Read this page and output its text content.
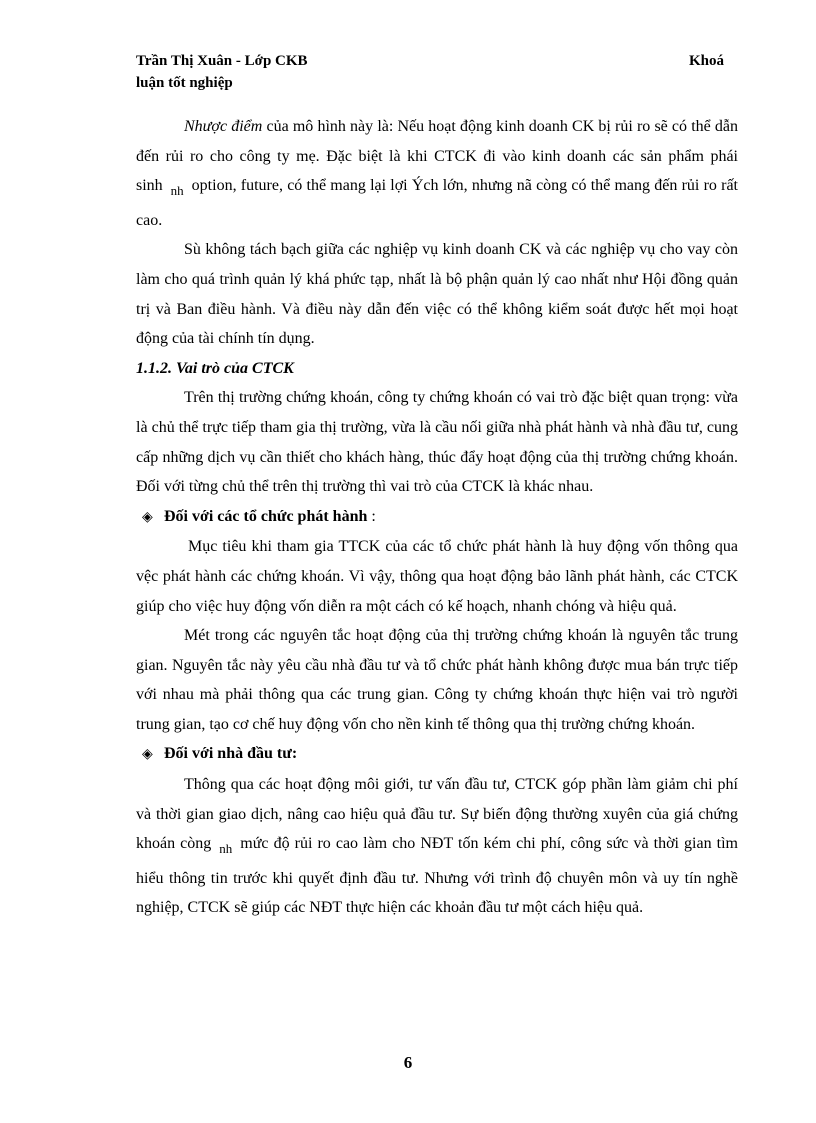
Trần Thị Xuân - Lớp CKB
luận tốt nghiệp
Khoá

Nhược điểm của mô hình này là: Nếu hoạt động kinh doanh CK bị rủi ro sẽ có thể dẫn đến rủi ro cho công ty mẹ. Đặc biệt là khi CTCK đi vào kinh doanh các sản phẩm phái sinh $_{nh}$ option, future, có thể mang lại lợi Ých lớn, nhưng nã còng có thể mang đến rủi ro rất cao.

Sù không tách bạch giữa các nghiệp vụ kinh doanh CK và các nghiệp vụ cho vay còn làm cho quá trình quản lý khá phức tạp, nhất là bộ phận quản lý cao nhất như Hội đồng quản trị và Ban điều hành. Và điều này dẫn đến việc có thể không kiểm soát được hết mọi hoạt động của tài chính tín dụng.

1.1.2. Vai trò của CTCK

Trên thị trường chứng khoán, công ty chứng khoán có vai trò đặc biệt quan trọng: vừa là chủ thể trực tiếp tham gia thị trường, vừa là cầu nối giữa nhà phát hành và nhà đầu tư, cung cấp những dịch vụ cần thiết cho khách hàng, thúc đẩy hoạt động của thị trường chứng khoán. Đối với từng chủ thể trên thị trường thì vai trò của CTCK là khác nhau.

◈ Đối với các tổ chức phát hành :

Mục tiêu khi tham gia TTCK của các tổ chức phát hành là huy động vốn thông qua vệc phát hành các chứng khoán. Vì vậy, thông qua hoạt động bảo lãnh phát hành, các CTCK giúp cho việc huy động vốn diễn ra một cách có kế hoạch, nhanh chóng và hiệu quả.

Mét trong các nguyên tắc hoạt động của thị trường chứng khoán là nguyên tắc trung gian. Nguyên tắc này yêu cầu nhà đầu tư và tổ chức phát hành không được mua bán trực tiếp với nhau mà phải thông qua các trung gian. Công ty chứng khoán thực hiện vai trò người trung gian, tạo cơ chế huy động vốn cho nền kinh tế thông qua thị trường chứng khoán.

◈ Đối với nhà đầu tư:

Thông qua các hoạt động môi giới, tư vấn đầu tư, CTCK góp phần làm giảm chi phí và thời gian giao dịch, nâng cao hiệu quả đầu tư. Sự biến động thường xuyên của giá chứng khoán còng $_{nh}$ mức độ rủi ro cao làm cho NĐT tốn kém chi phí, công sức và thời gian tìm hiểu thông tin trước khi quyết định đầu tư. Nhưng với trình độ chuyên môn và uy tín nghề nghiệp, CTCK sẽ giúp các NĐT thực hiện các khoản đầu tư một cách hiệu quả.

6
